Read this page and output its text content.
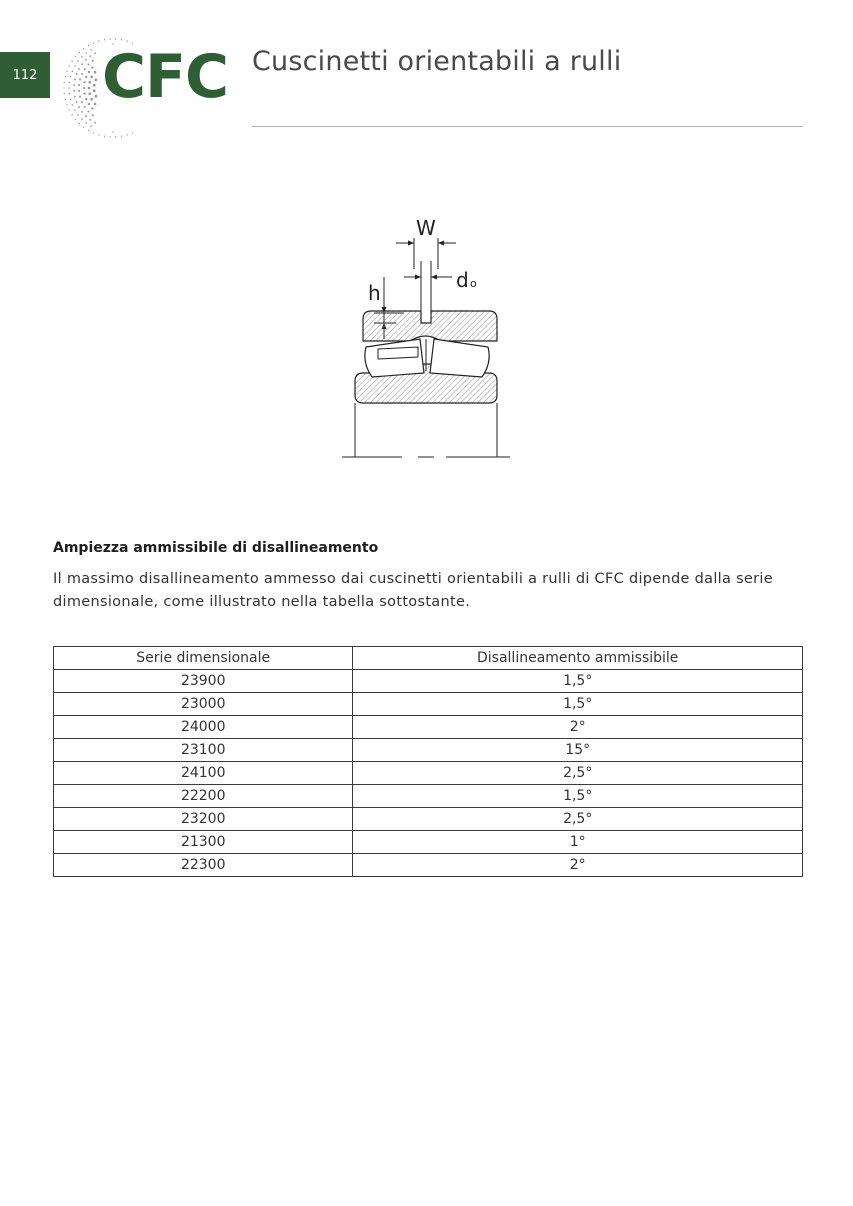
112 CFC Cuscinetti orientabili a rulli
W
h
d o
Ampiezza ammissibile di disallineamento
Il massimo disallineamento ammesso dai cuscinetti orientabili a rulli di CFC dipende dalla serie dimensionale, come illustrato nella tabella sottostante.
Serie dimensionale	Disallineamento ammissibile
23900	1,5°
23000	1,5°
24000	2°
23100	15°
24100	2,5°
22200	1,5°
23200	2,5°
21300	1°
22300	2°
